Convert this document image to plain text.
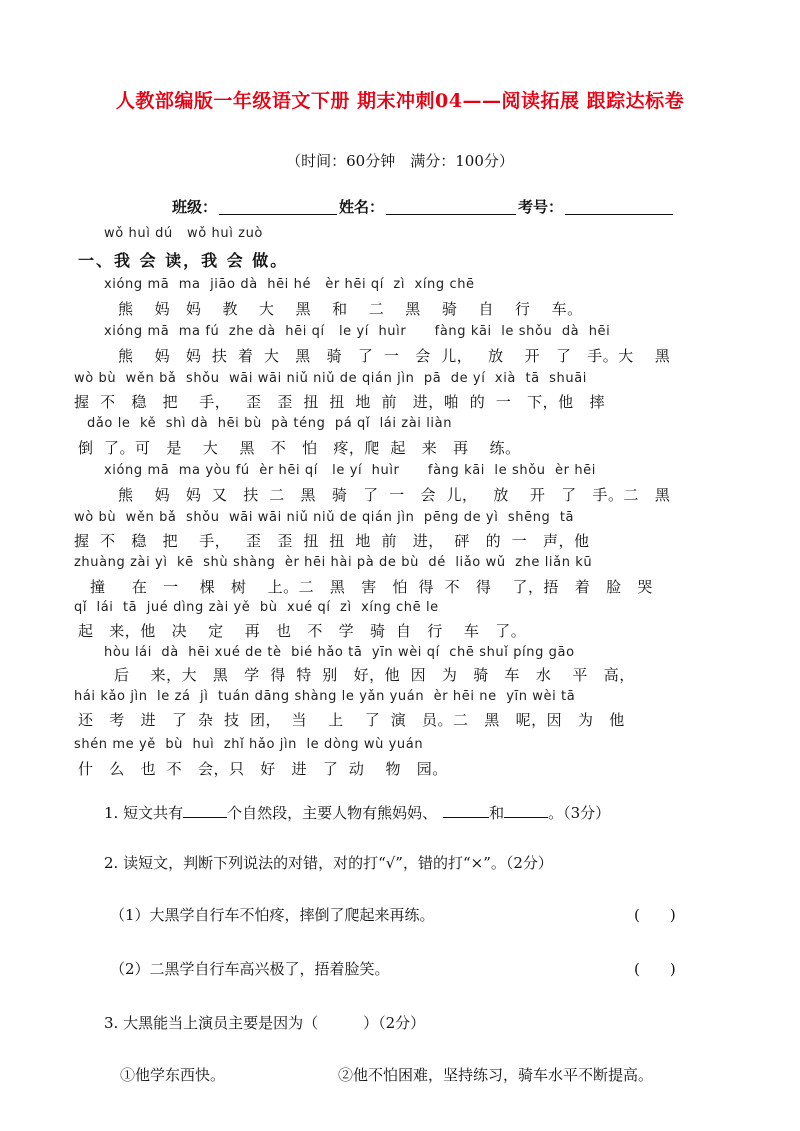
人教部编版一年级语文下册 期末冲刺04——阅读拓展 跟踪达标卷
（时间：60分钟　满分：100分）
班级：	姓名：	考号：
wǒ huì dú   wǒ huì zuò
一、我 会 读，我 会 做。
xióng mā  ma  jiāo dà  hēi hé   èr hēi qí  zì  xíng chē
熊    妈   妈    教    大    黑    和    二    黑    骑    自    行    车。
xióng mā  ma fú  zhe dà  hēi qí   le yí  huìr      fàng kāi  le shǒu  dà  hēi
熊    妈   妈  扶  着  大   黑   骑   了  一   会  儿，   放    开   了   手。大    黑
wò bù  wěn bǎ  shǒu  wāi wāi niǔ niǔ de qián jìn  pā  de yí  xià  tā  shuāi
握  不   稳   把    手，   歪   歪  扭  扭  地  前   进，啪  的  一   下，他   摔
dǎo le  kě  shì dà  hēi bù  pà téng  pá qǐ  lái zài liàn
倒  了。可   是    大    黑   不   怕   疼，爬  起   来   再    练。
xióng mā  ma yòu fú  èr hēi qí   le yí  huìr      fàng kāi  le shǒu  èr hēi
熊    妈   妈  又   扶  二   黑   骑   了  一   会  儿，   放    开   了   手。二   黑
wò bù  wěn bǎ  shǒu  wāi wāi niǔ niǔ de qián jìn  pēng de yì  shēng  tā
握  不   稳   把    手，   歪   歪  扭  扭  地  前   进，  砰   的  一   声，他
zhuàng zài yì  kē  shù shàng  èr hēi hài pà de bù  dé  liǎo wǔ  zhe liǎn kū
撞     在   一    棵   树    上。二   黑   害   怕  得  不   得    了，捂   着   脸   哭
qǐ  lái  tā  jué dìng zài yě  bù  xué qí  zì  xíng chē le
起   来，他   决    定    再   也   不   学   骑  自   行    车   了。
hòu lái  dà  hēi xué de tè  bié hǎo tā  yīn wèi qí  chē shuǐ píng gāo
后    来，大   黑   学  得  特  别   好，他  因   为   骑   车   水    平   高，
hái kǎo jìn  le zá  jì  tuán dāng shàng le yǎn yuán  èr hēi ne  yīn wèi tā
还   考   进   了  杂  技  团，  当    上    了  演   员。二   黑   呢，因   为   他
shén me yě  bù  huì  zhǐ hǎo jìn  le dòng wù yuán
什   么   也  不   会，只   好   进   了  动    物   园。
1. 短文共有	个自然段，主要人物有熊妈妈、	和	。（3分）
2. 读短文，判断下列说法的对错，对的打“√”，错的打“×”。（2分）
（1）大黑学自行车不怕疼，摔倒了爬起来再练。	(　　)
（2）二黑学自行车高兴极了，捂着脸笑。	(　　)
3. 大黑能当上演员主要是因为（　　　）（2分）
①他学东西快。	②他不怕困难，坚持练习，骑车水平不断提高。
